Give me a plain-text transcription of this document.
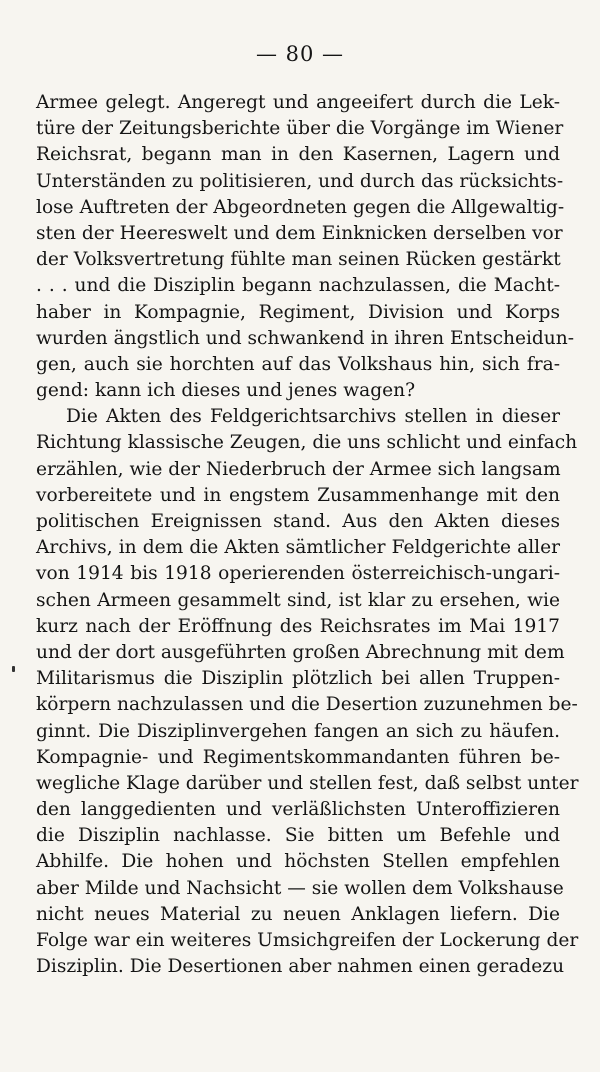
— 80 —
Armee gelegt. Angeregt und angeeifert durch die Lek-
türe der Zeitungsberichte über die Vorgänge im Wiener
Reichsrat, begann man in den Kasernen, Lagern und
Unterständen zu politisieren, und durch das rücksichts-
lose Auftreten der Abgeordneten gegen die Allgewaltig-
sten der Heereswelt und dem Einknicken derselben vor
der Volksvertretung fühlte man seinen Rücken gestärkt
. . . und die Disziplin begann nachzulassen, die Macht-
haber in Kompagnie, Regiment, Division und Korps
wurden ängstlich und schwankend in ihren Entscheidun-
gen, auch sie horchten auf das Volkshaus hin, sich fra-
gend: kann ich dieses und jenes wagen?
Die Akten des Feldgerichtsarchivs stellen in dieser
Richtung klassische Zeugen, die uns schlicht und einfach
erzählen, wie der Niederbruch der Armee sich langsam
vorbereitete und in engstem Zusammenhange mit den
politischen Ereignissen stand. Aus den Akten dieses
Archivs, in dem die Akten sämtlicher Feldgerichte aller
von 1914 bis 1918 operierenden österreichisch-ungari-
schen Armeen gesammelt sind, ist klar zu ersehen, wie
kurz nach der Eröffnung des Reichsrates im Mai 1917
und der dort ausgeführten großen Abrechnung mit dem
Militarismus die Disziplin plötzlich bei allen Truppen-
körpern nachzulassen und die Desertion zuzunehmen be-
ginnt. Die Disziplinvergehen fangen an sich zu häufen.
Kompagnie- und Regimentskommandanten führen be-
wegliche Klage darüber und stellen fest, daß selbst unter
den langgedienten und verläßlichsten Unteroffizieren
die Disziplin nachlasse. Sie bitten um Befehle und
Abhilfe. Die hohen und höchsten Stellen empfehlen
aber Milde und Nachsicht — sie wollen dem Volkshause
nicht neues Material zu neuen Anklagen liefern. Die
Folge war ein weiteres Umsichgreifen der Lockerung der
Disziplin. Die Desertionen aber nahmen einen geradezu
